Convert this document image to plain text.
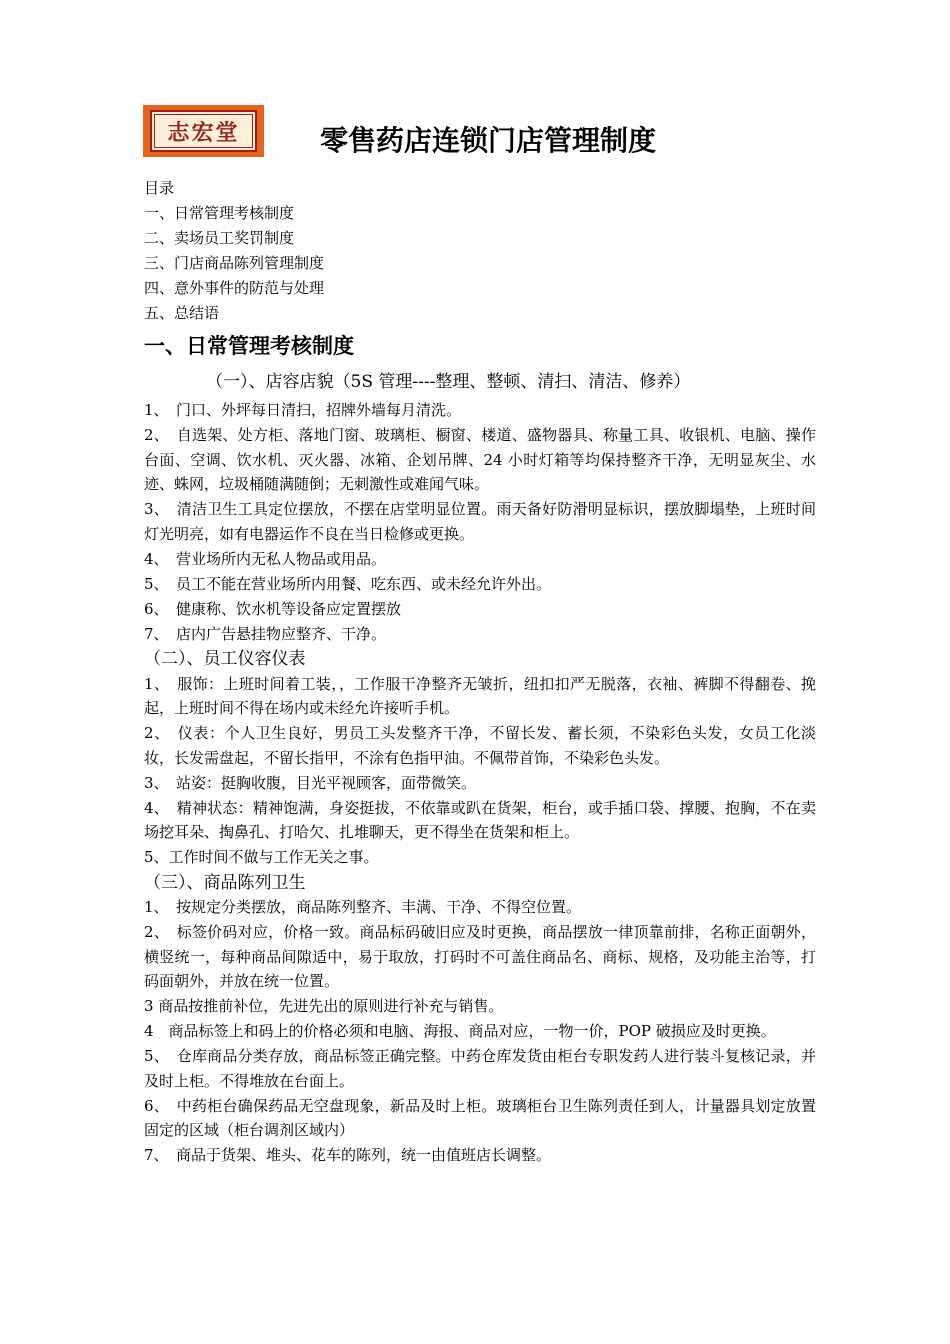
志宏堂	零售药店连锁门店管理制度
目录
一、日常管理考核制度
二、卖场员工奖罚制度
三、门店商品陈列管理制度
四、意外事件的防范与处理
五、总结语
一、日常管理考核制度
（一）、店容店貌（5S 管理----整理、整顿、清扫、清洁、修养）
1、　门口、外坪每日清扫，招牌外墙每月清洗。
2、　自选架、处方柜、落地门窗、玻璃柜、橱窗、楼道、盛物器具、称量工具、收银机、电脑、操作台面、空调、饮水机、灭火器、冰箱、企划吊牌、24 小时灯箱等均保持整齐干净，无明显灰尘、水迹、蛛网，垃圾桶随满随倒；无刺激性或难闻气味。
3、　清洁卫生工具定位摆放，不摆在店堂明显位置。雨天备好防滑明显标识，摆放脚塌垫，上班时间灯光明亮，如有电器运作不良在当日检修或更换。
4、　营业场所内无私人物品或用品。
5、　员工不能在营业场所内用餐、吃东西、或未经允许外出。
6、　健康称、饮水机等设备应定置摆放
7、　店内广告悬挂物应整齐、干净。
（二）、员工仪容仪表
1、　服饰：上班时间着工装，，工作服干净整齐无皱折，纽扣扣严无脱落，衣袖、裤脚不得翻卷、挽起，上班时间不得在场内或未经允许接听手机。
2、　仪表：个人卫生良好，男员工头发整齐干净，不留长发、蓄长须，不染彩色头发，女员工化淡妆，长发需盘起，不留长指甲，不涂有色指甲油。不佩带首饰，不染彩色头发。
3、　站姿：挺胸收腹，目光平视顾客，面带微笑。
4、　精神状态：精神饱满，身姿挺拔，不依靠或趴在货架，柜台，或手插口袋、撑腰、抱胸，不在卖场挖耳朵、掏鼻孔、打哈欠、扎堆聊天，更不得坐在货架和柜上。
5、工作时间不做与工作无关之事。
（三）、商品陈列卫生
1、　按规定分类摆放，商品陈列整齐、丰满、干净、不得空位置。
2、　标签价码对应，价格一致。商品标码破旧应及时更换，商品摆放一律顶靠前排，名称正面朝外，横竖统一，每种商品间隙适中，易于取放，打码时不可盖住商品名、商标、规格，及功能主治等，打码面朝外，并放在统一位置。
3 商品按推前补位，先进先出的原则进行补充与销售。
4　商品标签上和码上的价格必须和电脑、海报、商品对应，一物一价，POP 破损应及时更换。
5、　仓库商品分类存放，商品标签正确完整。中药仓库发货由柜台专职发药人进行装斗复核记录，并及时上柜。不得堆放在台面上。
6、　中药柜台确保药品无空盘现象，新品及时上柜。玻璃柜台卫生陈列责任到人，计量器具划定放置固定的区域（柜台调剂区域内）
7、　商品于货架、堆头、花车的陈列，统一由值班店长调整。
